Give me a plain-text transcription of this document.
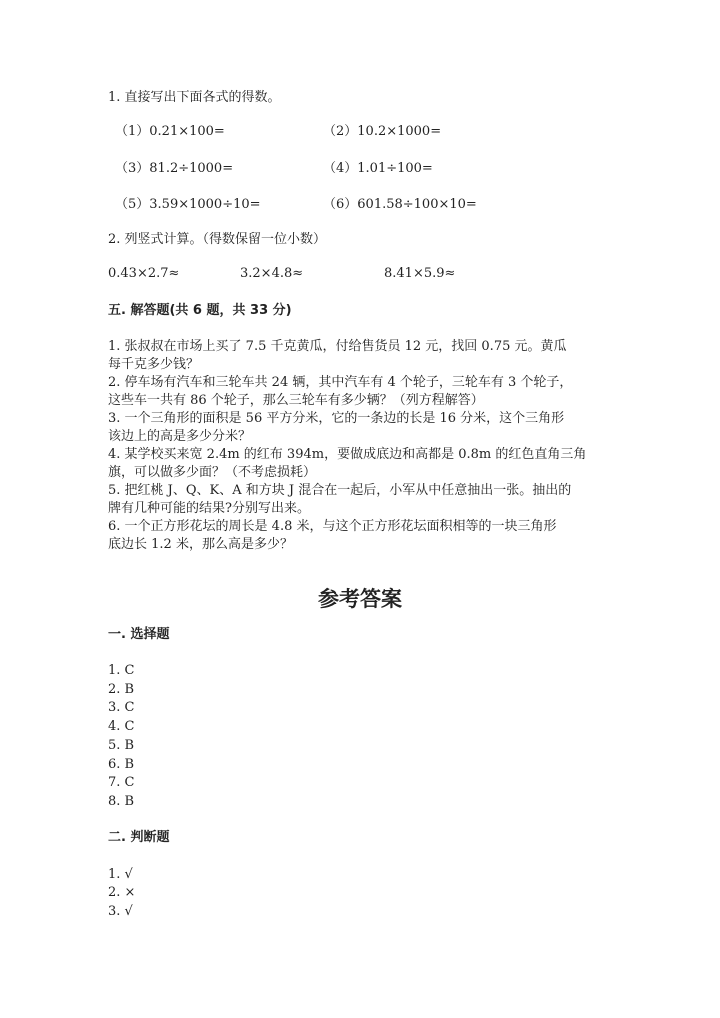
1. 直接写出下面各式的得数。
（1）0.21×100=	（2）10.2×1000=
（3）81.2÷1000=	（4）1.01÷100=
（5）3.59×1000÷10=	（6）601.58÷100×10=
2. 列竖式计算。（得数保留一位小数）
0.43×2.7≈	3.2×4.8≈	8.41×5.9≈
五. 解答题(共 6 题，共 33 分)
1. 张叔叔在市场上买了 7.5 千克黄瓜，付给售货员 12 元，找回 0.75 元。黄瓜
每千克多少钱？
2. 停车场有汽车和三轮车共 24 辆，其中汽车有 4 个轮子，三轮车有 3 个轮子，
这些车一共有 86 个轮子，那么三轮车有多少辆？（列方程解答）
3. 一个三角形的面积是 56 平方分米，它的一条边的长是 16 分米，这个三角形
该边上的高是多少分米？
4. 某学校买来宽 2.4m 的红布 394m，要做成底边和高都是 0.8m 的红色直角三角
旗，可以做多少面？（不考虑损耗）
5. 把红桃 J、Q、K、A 和方块 J 混合在一起后，小军从中任意抽出一张。抽出的
牌有几种可能的结果?分别写出来。
6. 一个正方形花坛的周长是 4.8 米，与这个正方形花坛面积相等的一块三角形
底边长 1.2 米，那么高是多少？
参考答案
一. 选择题
1. C
2. B
3. C
4. C
5. B
6. B
7. C
8. B
二. 判断题
1. √
2. ×
3. √
